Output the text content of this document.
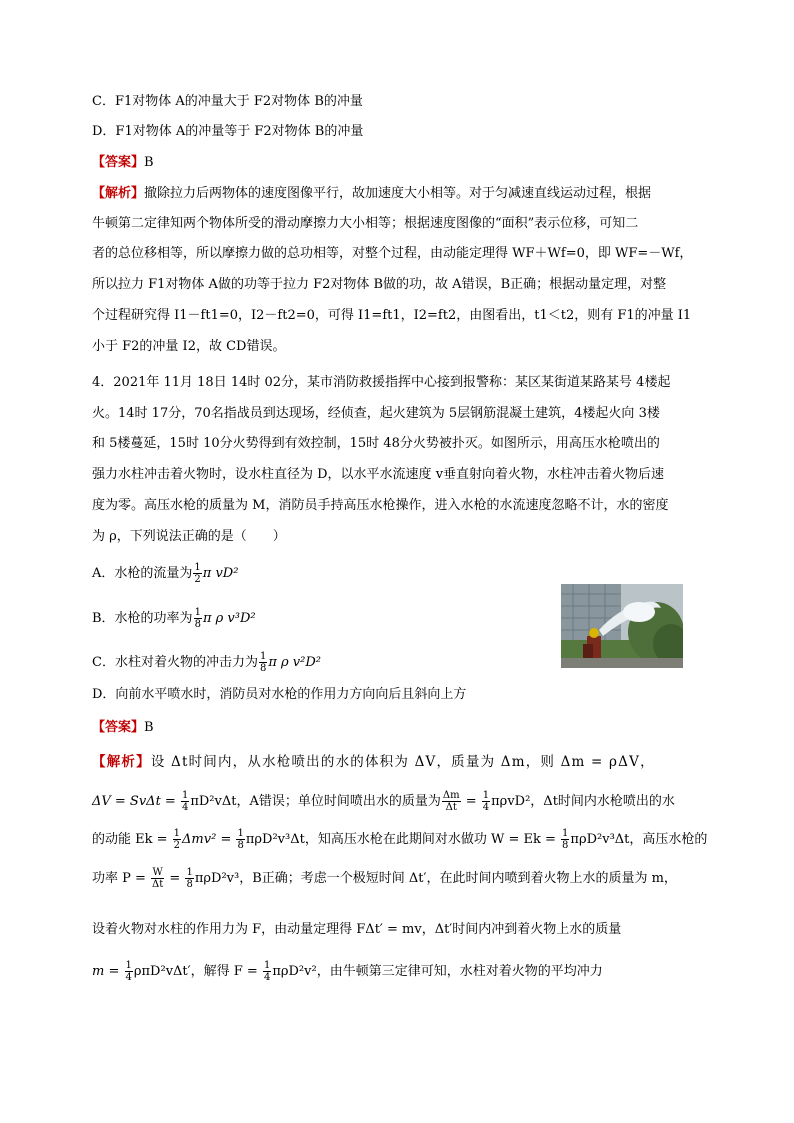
C．F1对物体 A的冲量大于 F2对物体 B的冲量
D．F1对物体 A的冲量等于 F2对物体 B的冲量
【答案】B
【解析】撤除拉力后两物体的速度图像平行，故加速度大小相等。对于匀减速直线运动过程，根据
牛顿第二定律知两个物体所受的滑动摩擦力大小相等；根据速度图像的“面积”表示位移，可知二
者的总位移相等，所以摩擦力做的总功相等，对整个过程，由动能定理得 WF＋Wf=0，即 WF=－Wf，
所以拉力 F1对物体 A做的功等于拉力 F2对物体 B做的功，故 A错误，B正确；根据动量定理，对整
个过程研究得 I1－ft1=0，I2－ft2=0，可得 I1=ft1，I2=ft2，由图看出，t1＜t2，则有 F1的冲量 I1
小于 F2的冲量 I2，故 CD错误。
4．2021年 11月 18日 14时 02分，某市消防救援指挥中心接到报警称：某区某街道某路某号 4楼起
火。14时 17分，70名指战员到达现场，经侦查，起火建筑为 5层钢筋混凝土建筑，4楼起火向 3楼
和 5楼蔓延，15时 10分火势得到有效控制，15时 48分火势被扑灭。如图所示，用高压水枪喷出的
强力水柱冲击着火物时，设水柱直径为 D，以水平水流速度 v垂直射向着火物，水柱冲击着火物后速
度为零。高压水枪的质量为 M，消防员手持高压水枪操作，进入水枪的水流速度忽略不计，水的密度
为 ρ，下列说法正确的是（　　）
A．水枪的流量为 $\frac{1}{2}$ π vD²
B．水枪的功率为 $\frac{1}{8}$ π ρ v³D²
C．水柱对着火物的冲击力为 $\frac{1}{8}$ π ρ v²D²
D．向前水平喷水时，消防员对水枪的作用力方向向后且斜向上方
【答案】B
【解析】设 Δt时间内，从水枪喷出的水的体积为 ΔV，质量为 Δm，则 Δm = ρΔV，
$\Delta V = Sv\Delta t = \frac{1}{4} \pi D^2v\Delta t$，A错误；单位时间喷出水的质量为 $\frac{\Delta m}{\Delta t} = \frac{1}{4} \pi\rho vD^2$，Δt时间内水枪喷出的水
的动能 $Ek = \frac{1}{2} \Delta mv^2 = \frac{1}{8} \pi\rho D^2v^3\Delta t$，知高压水枪在此期间对水做功 $W = Ek = \frac{1}{8} \pi\rho D^2v^3\Delta t$，高压水枪的
功率 $P = \frac{W}{\Delta t} = \frac{1}{8} \pi\rho D^2v^3$，B正确；考虑一个极短时间 Δt′，在此时间内喷到着火物上水的质量为 m，
设着火物对水柱的作用力为 F，由动量定理得 FΔt′ = mv，Δt′时间内冲到着火物上水的质量
$m = \frac{1}{4} \rho\pi D^2v\Delta t'$，解得 $F = \frac{1}{4} \pi\rho D^2v^2$，由牛顿第三定律可知，水柱对着火物的平均冲力
